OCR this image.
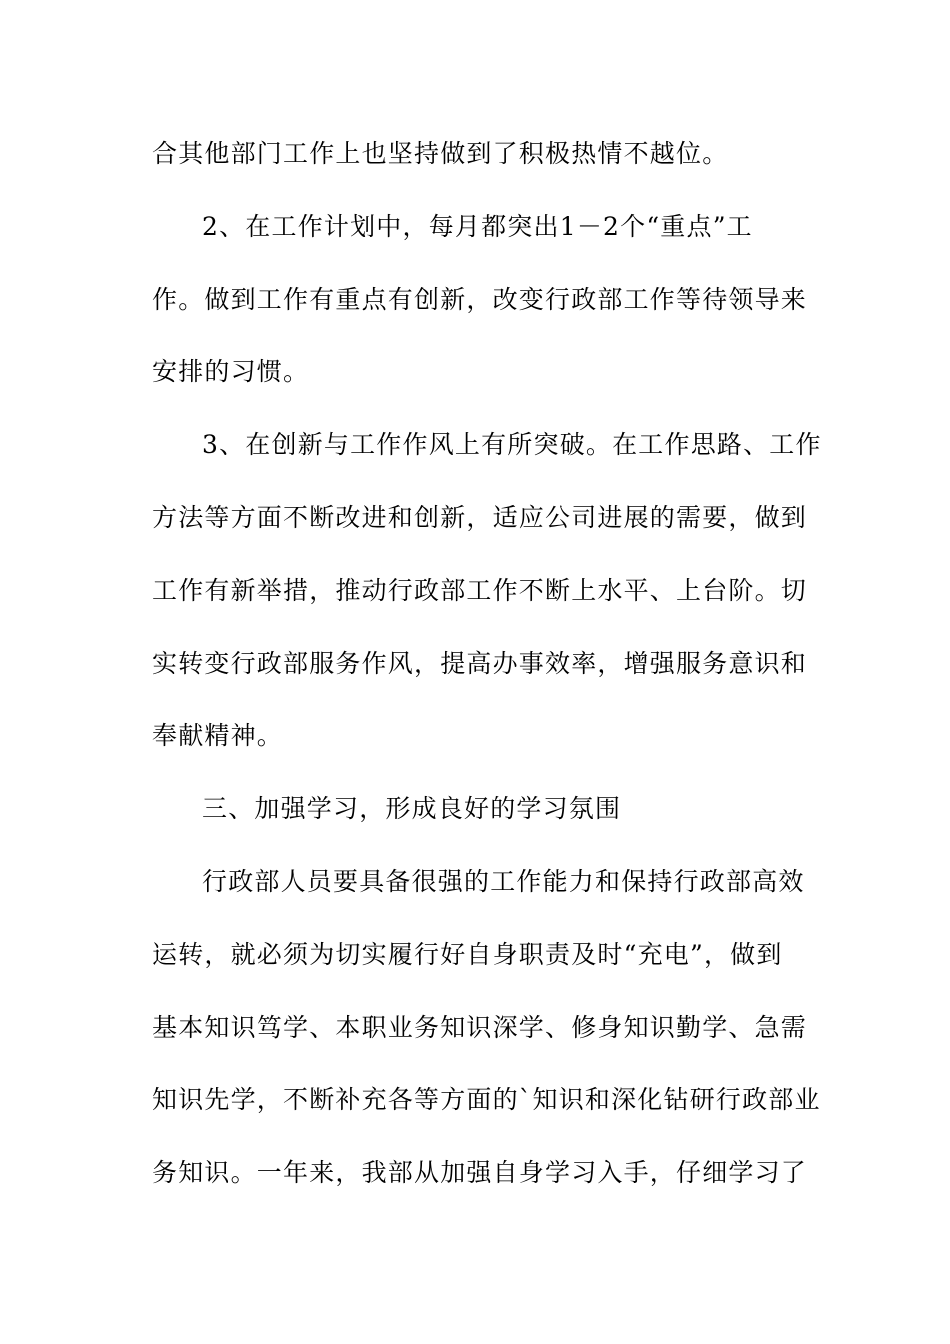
合其他部门工作上也坚持做到了积极热情不越位。
2、在工作计划中，每月都突出1－2个“重点”工
作。做到工作有重点有创新，改变行政部工作等待领导来
安排的习惯。
3、在创新与工作作风上有所突破。在工作思路、工作
方法等方面不断改进和创新，适应公司进展的需要，做到
工作有新举措，推动行政部工作不断上水平、上台阶。切
实转变行政部服务作风，提高办事效率，增强服务意识和
奉献精神。
三、加强学习，形成良好的学习氛围
行政部人员要具备很强的工作能力和保持行政部高效
运转，就必须为切实履行好自身职责及时“充电”，做到
基本知识笃学、本职业务知识深学、修身知识勤学、急需
知识先学，不断补充各等方面的`知识和深化钻研行政部业
务知识。一年来，我部从加强自身学习入手，仔细学习了
